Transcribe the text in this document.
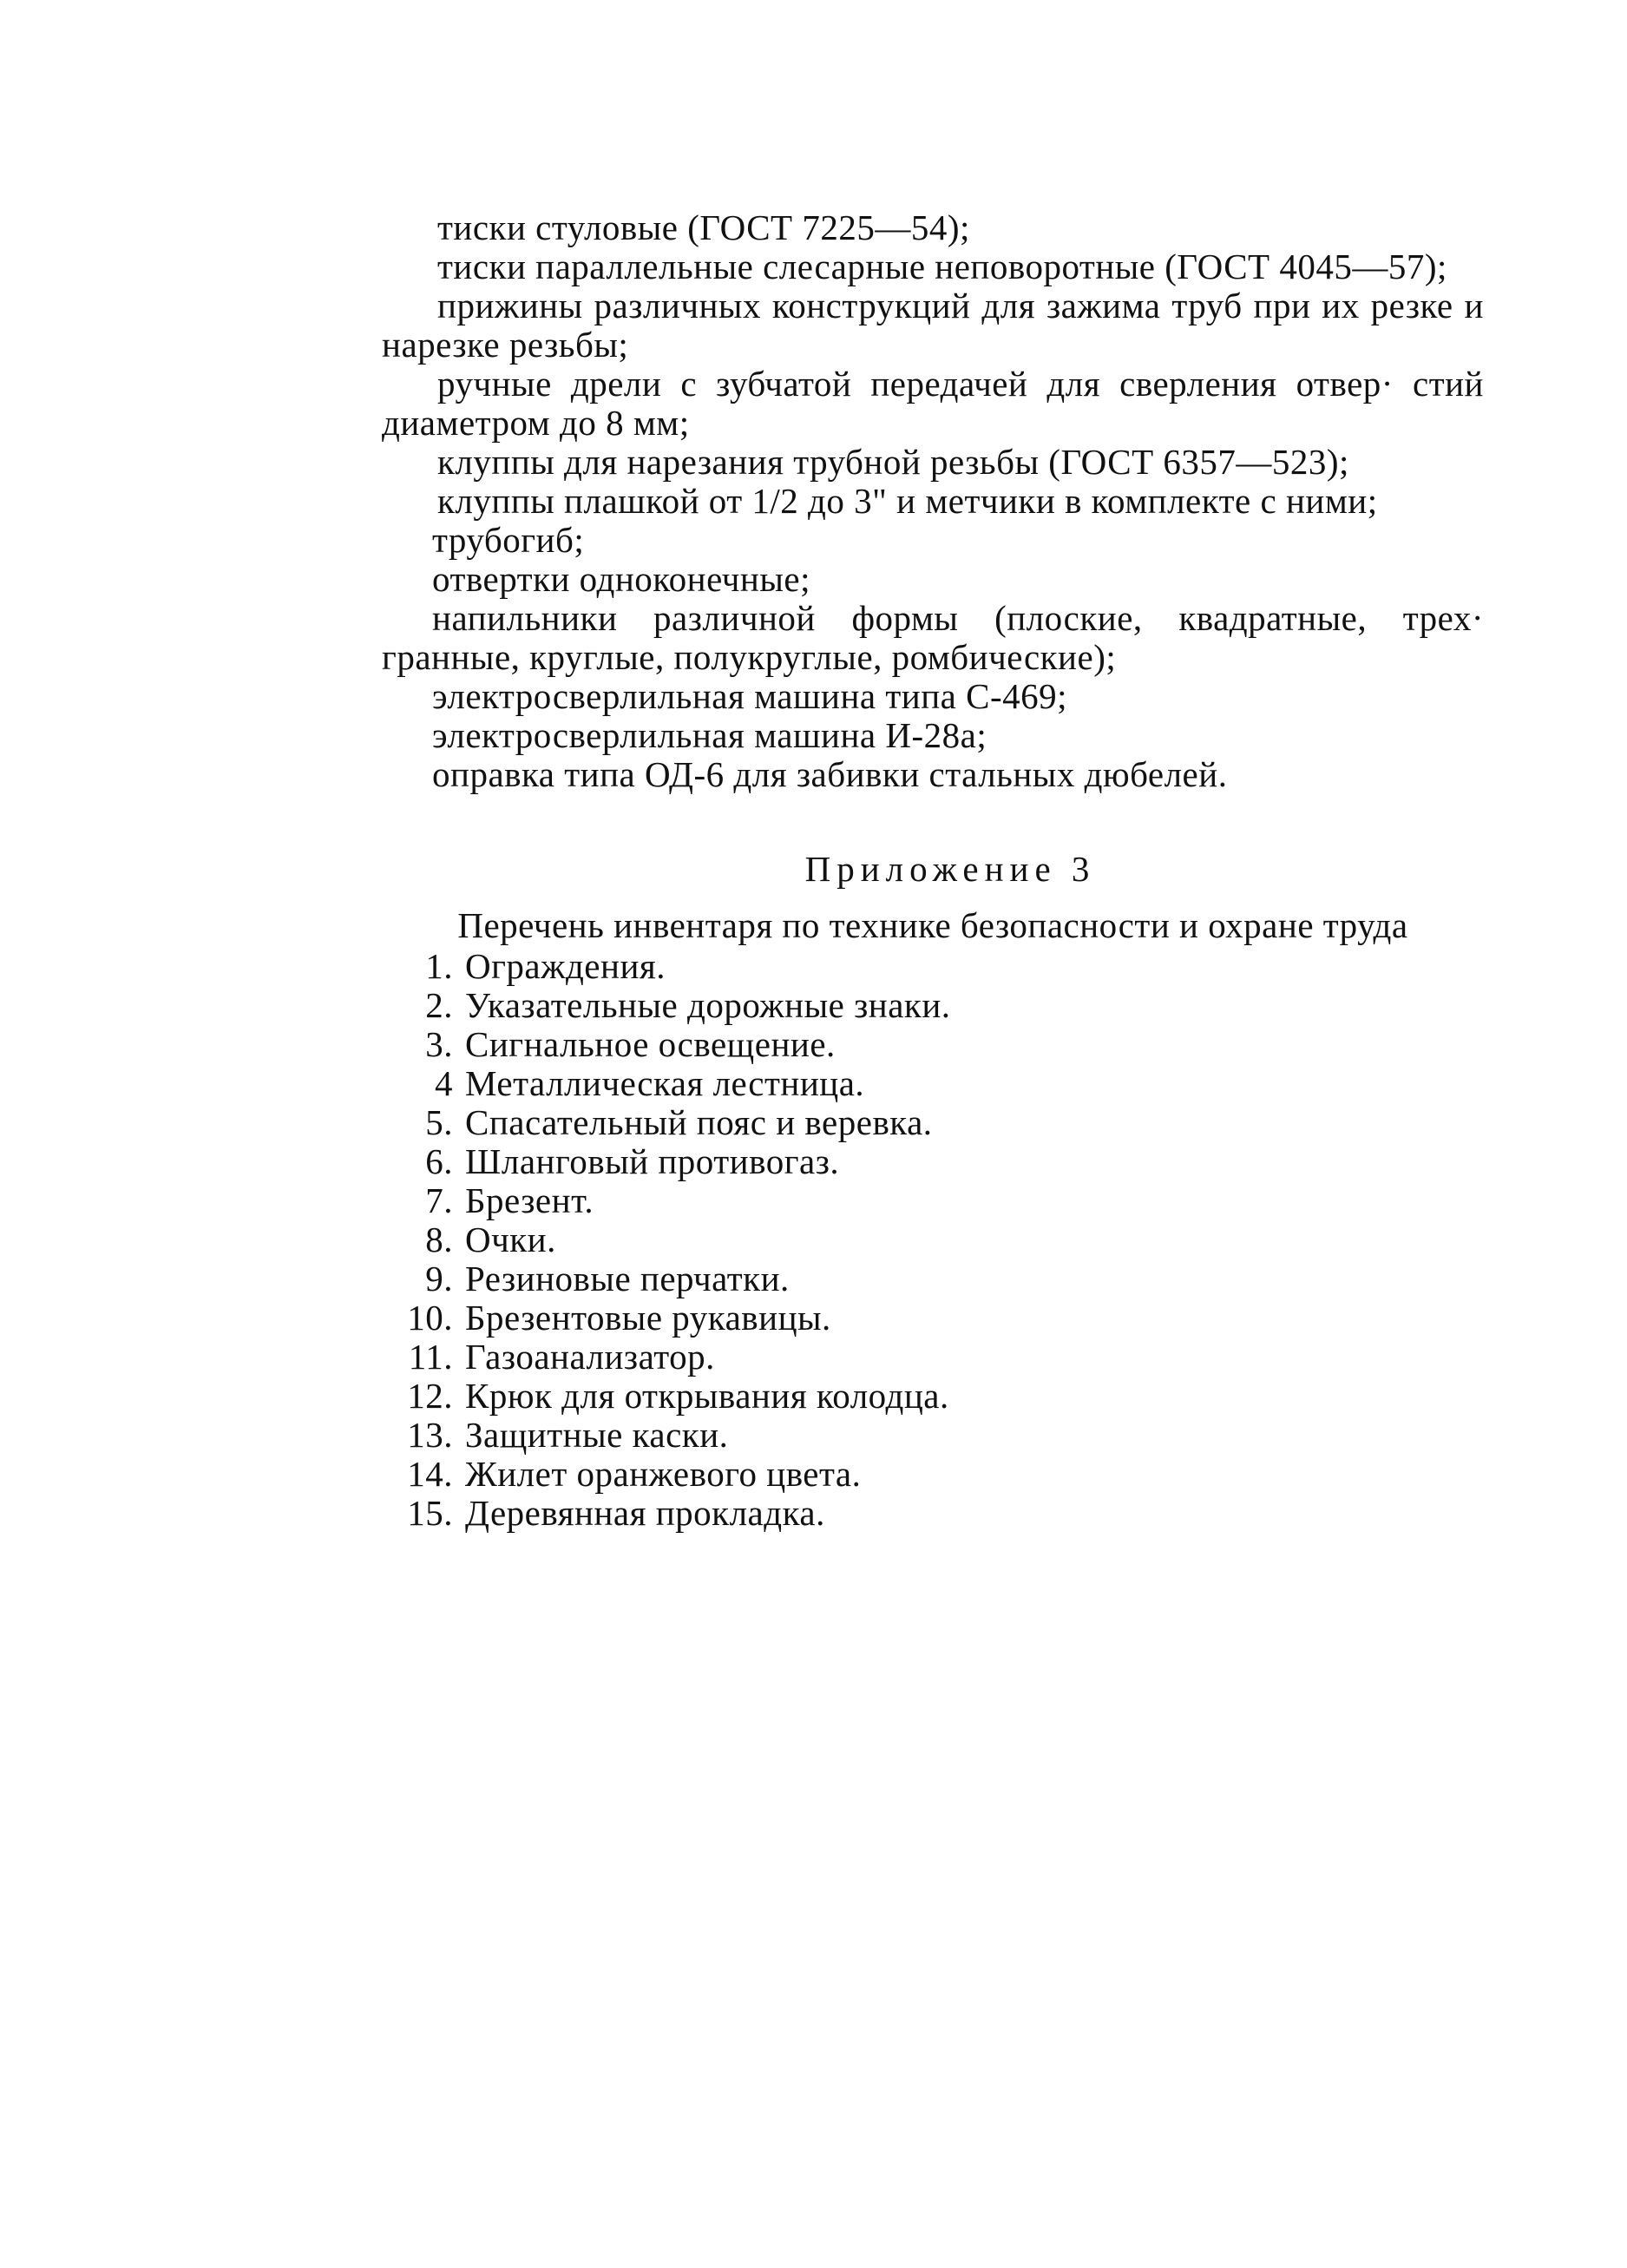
тиски стуловые (ГОСТ 7225—54);
тиски параллельные слесарные неповоротные (ГОСТ 4045—57);
прижины различных конструкций для зажима труб при их резке и нарезке резьбы;
ручные дрели с зубчатой передачей для сверления отвер· стий диаметром до 8 мм;
клуппы для нарезания трубной резьбы (ГОСТ 6357—523);
клуппы плашкой от 1/2 до 3" и метчики в комплекте с ними;
трубогиб;
отвертки одноконечные;
напильники различной формы (плоские, квадратные, трех· гранные, круглые, полукруглые, ромбические);
электросверлильная машина типа С-469;
электросверлильная машина И-28а;
оправка типа ОД-6 для забивки стальных дюбелей.
Приложение 3
Перечень инвентаря по технике безопасности и охране труда
1. Ограждения.
2. Указательные дорожные знаки.
3. Сигнальное освещение.
4 Металлическая лестница.
5. Спасательный пояс и веревка.
6. Шланговый противогаз.
7. Брезент.
8. Очки.
9. Резиновые перчатки.
10. Брезентовые рукавицы.
11. Газоанализатор.
12. Крюк для открывания колодца.
13. Защитные каски.
14. Жилет оранжевого цвета.
15. Деревянная прокладка.
